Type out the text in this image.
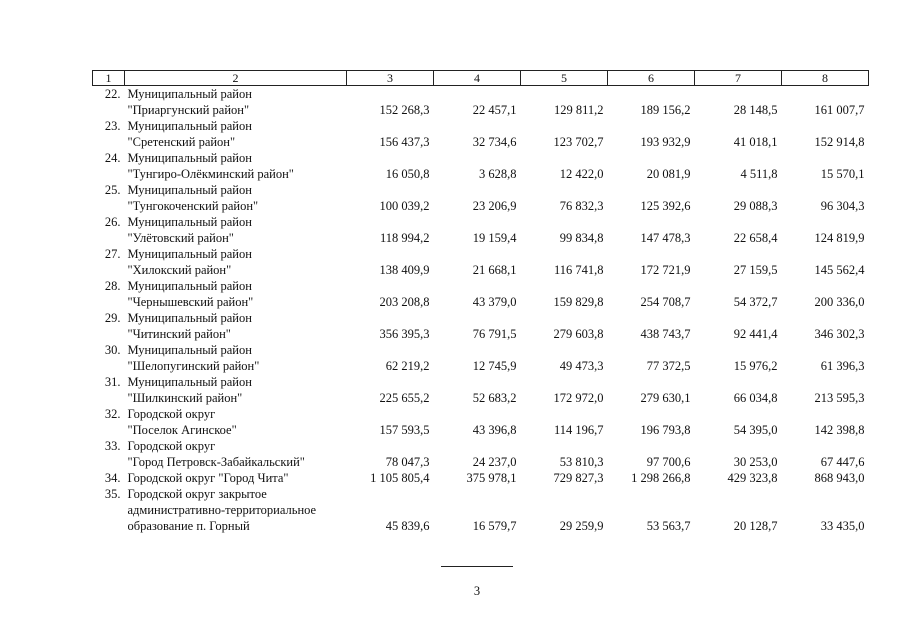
1	2	3	4	5	6	7	8
22.	Муниципальный район
"Приаргунский район"	152 268,3	22 457,1	129 811,2	189 156,2	28 148,5	161 007,7
23.	Муниципальный район
"Сретенский район"	156 437,3	32 734,6	123 702,7	193 932,9	41 018,1	152 914,8
24.	Муниципальный район
"Тунгиро-Олёкминский район"	16 050,8	3 628,8	12 422,0	20 081,9	4 511,8	15 570,1
25.	Муниципальный район
"Тунгокоченский район"	100 039,2	23 206,9	76 832,3	125 392,6	29 088,3	96 304,3
26.	Муниципальный район
"Улётовский район"	118 994,2	19 159,4	99 834,8	147 478,3	22 658,4	124 819,9
27.	Муниципальный район
"Хилокский район"	138 409,9	21 668,1	116 741,8	172 721,9	27 159,5	145 562,4
28.	Муниципальный район
"Чернышевский район"	203 208,8	43 379,0	159 829,8	254 708,7	54 372,7	200 336,0
29.	Муниципальный район
"Читинский район"	356 395,3	76 791,5	279 603,8	438 743,7	92 441,4	346 302,3
30.	Муниципальный район
"Шелопугинский район"	62 219,2	12 745,9	49 473,3	77 372,5	15 976,2	61 396,3
31.	Муниципальный район
"Шилкинский район"	225 655,2	52 683,2	172 972,0	279 630,1	66 034,8	213 595,3
32.	Городской округ
"Поселок Агинское"	157 593,5	43 396,8	114 196,7	196 793,8	54 395,0	142 398,8
33.	Городской округ
"Город Петровск-Забайкальский"	78 047,3	24 237,0	53 810,3	97 700,6	30 253,0	67 447,6
34.	Городской округ "Город Чита"	1 105 805,4	375 978,1	729 827,3	1 298 266,8	429 323,8	868 943,0
35.	Городской округ закрытое
административно-территориальное
образование п. Горный	45 839,6	16 579,7	29 259,9	53 563,7	20 128,7	33 435,0
3
